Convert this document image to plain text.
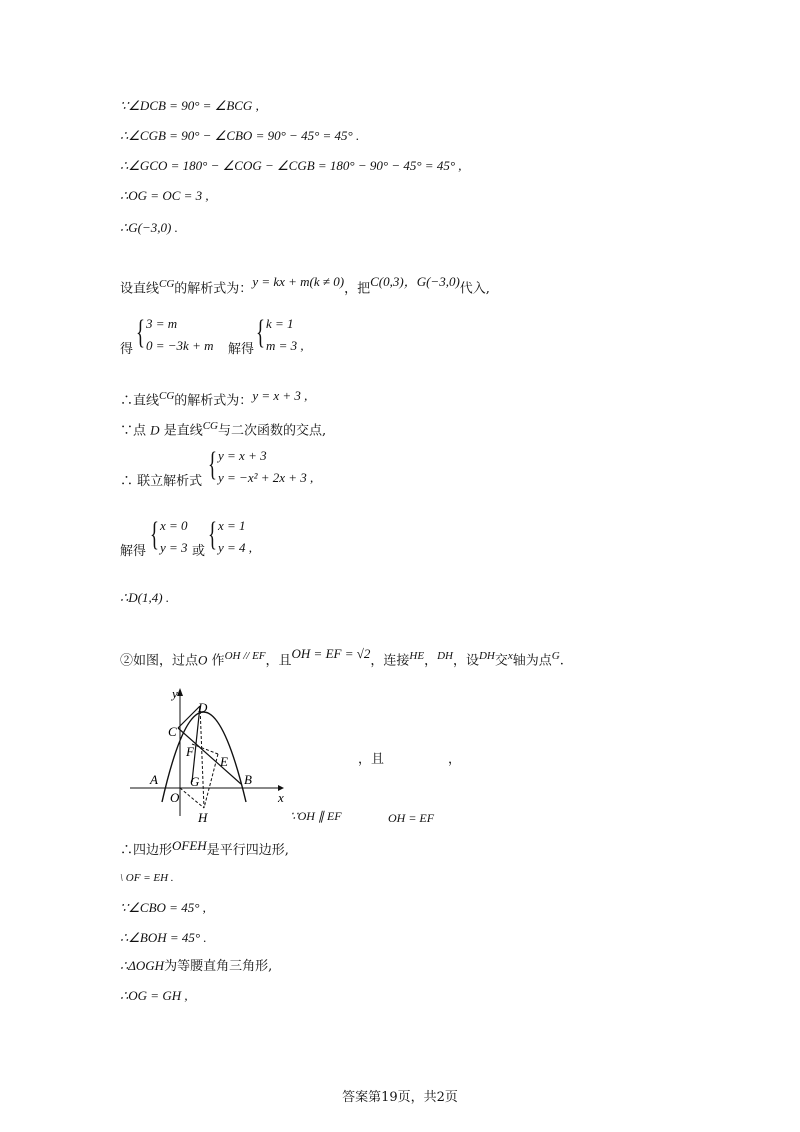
∵∠DCB = 90° = ∠BCG ,
∴∠CGB = 90° − ∠CBO = 90° − 45° = 45° .
∴∠GCO = 180° − ∠COG − ∠CGB = 180° − 90° − 45° = 45° ,
∴OG = OC = 3 ,
∴G(−3,0) .
设直线$^{CG}$的解析式为：y = kx + m(k ≠ 0)，把C(0,3)，G(−3,0)代入,
得 { 3 = m
0 = −3k + m 解得 { k = 1
m = 3 ,
∴直线$^{CG}$的解析式为：y = x + 3 ,
∵点 D 是直线$^{CG}$与二次函数的交点,
∴ 联立解析式 { y = x + 3
y = −x² + 2x + 3 ,
解得 { x = 0
y = 3 或 { x = 1
y = 4 ,
∴D(1,4) .
②如图，过点O 作$^{OH // EF}$，且OH = EF = √2，连接$^{HE}$，$^{DH}$，设$^{DH}$交$^x$轴为点$^G$.
y
x
D
C
F
E
A G	B
O
H
，且	，
∵OH ∥ EF	OH = EF
∴四边形OFEH是平行四边形,
\ OF = EH .
∵∠CBO = 45° ,
∴∠BOH = 45° .
∴ΔOGH为等腰直角三角形,
∴OG = GH ,
答案第19页，共2页
